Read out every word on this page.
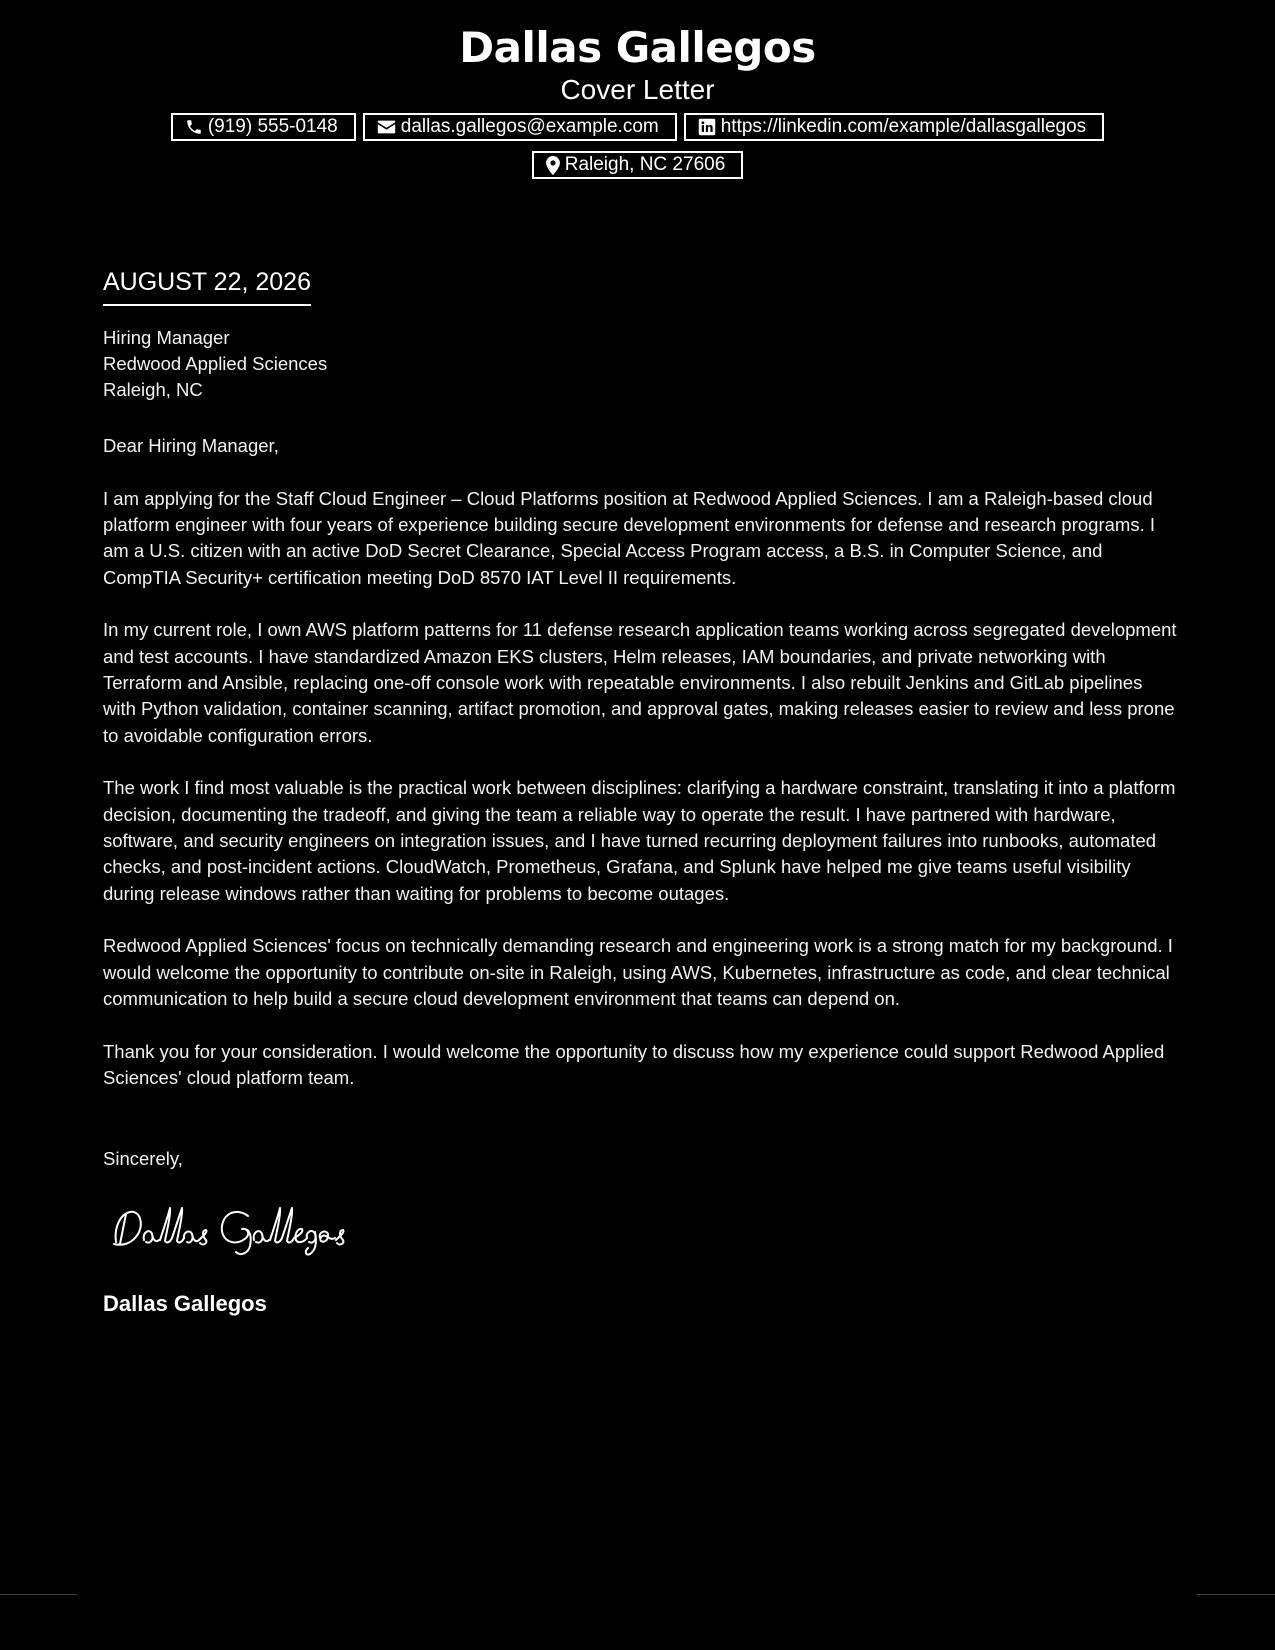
Dallas Gallegos
Cover Letter
(919) 555-0148	dallas.gallegos@example.com	https://linkedin.com/example/dallasgallegos
Raleigh, NC 27606
AUGUST 22, 2026
Hiring Manager
Redwood Applied Sciences
Raleigh, NC

Dear Hiring Manager,

I am applying for the Staff Cloud Engineer – Cloud Platforms position at Redwood Applied Sciences. I am a Raleigh-based cloud platform engineer with four years of experience building secure development environments for defense and research programs. I am a U.S. citizen with an active DoD Secret Clearance, Special Access Program access, a B.S. in Computer Science, and CompTIA Security+ certification meeting DoD 8570 IAT Level II requirements.

In my current role, I own AWS platform patterns for 11 defense research application teams working across segregated development and test accounts. I have standardized Amazon EKS clusters, Helm releases, IAM boundaries, and private networking with Terraform and Ansible, replacing one-off console work with repeatable environments. I also rebuilt Jenkins and GitLab pipelines with Python validation, container scanning, artifact promotion, and approval gates, making releases easier to review and less prone to avoidable configuration errors.

The work I find most valuable is the practical work between disciplines: clarifying a hardware constraint, translating it into a platform decision, documenting the tradeoff, and giving the team a reliable way to operate the result. I have partnered with hardware, software, and security engineers on integration issues, and I have turned recurring deployment failures into runbooks, automated checks, and post-incident actions. CloudWatch, Prometheus, Grafana, and Splunk have helped me give teams useful visibility during release windows rather than waiting for problems to become outages.

Redwood Applied Sciences' focus on technically demanding research and engineering work is a strong match for my background. I would welcome the opportunity to contribute on-site in Raleigh, using AWS, Kubernetes, infrastructure as code, and clear technical communication to help build a secure cloud development environment that teams can depend on.

Thank you for your consideration. I would welcome the opportunity to discuss how my experience could support Redwood Applied Sciences' cloud platform team.

Sincerely,
Dallas Gallegos
